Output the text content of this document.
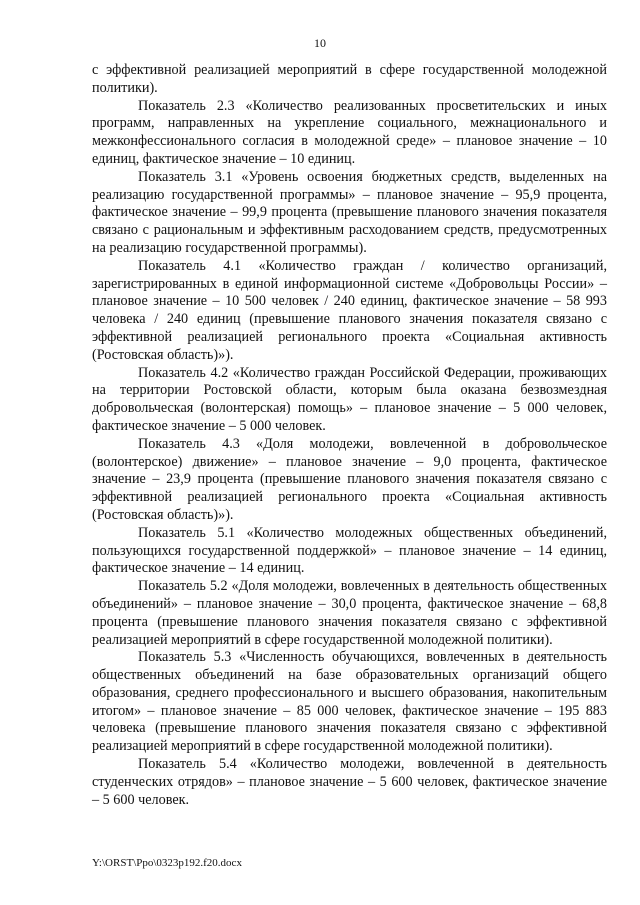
10

с эффективной реализацией мероприятий в сфере государственной молодежной политики).

Показатель 2.3 «Количество реализованных просветительских и иных программ, направленных на укрепление социального, межнационального и межконфессионального согласия в молодежной среде» – плановое значение – 10 единиц, фактическое значение – 10 единиц.

Показатель 3.1 «Уровень освоения бюджетных средств, выделенных на реализацию государственной программы» – плановое значение – 95,9 процента, фактическое значение – 99,9 процента (превышение планового значения показателя связано с рациональным и эффективным расходованием средств, предусмотренных на реализацию государственной программы).

Показатель 4.1 «Количество граждан / количество организаций, зарегистрированных в единой информационной системе «Добровольцы России» – плановое значение – 10 500 человек / 240 единиц, фактическое значение – 58 993 человека / 240 единиц (превышение планового значения показателя связано с эффективной реализацией регионального проекта «Социальная активность (Ростовская область)»).

Показатель 4.2 «Количество граждан Российской Федерации, проживающих на территории Ростовской области, которым была оказана безвозмездная добровольческая (волонтерская) помощь» – плановое значение – 5 000 человек, фактическое значение – 5 000 человек.

Показатель 4.3 «Доля молодежи, вовлеченной в добровольческое (волонтерское) движение» – плановое значение – 9,0 процента, фактическое значение – 23,9 процента (превышение планового значения показателя связано с эффективной реализацией регионального проекта «Социальная активность (Ростовская область)»).

Показатель 5.1 «Количество молодежных общественных объединений, пользующихся государственной поддержкой» – плановое значение – 14 единиц, фактическое значение – 14 единиц.

Показатель 5.2 «Доля молодежи, вовлеченных в деятельность общественных объединений» – плановое значение – 30,0 процента, фактическое значение – 68,8 процента (превышение планового значения показателя связано с эффективной реализацией мероприятий в сфере государственной молодежной политики).

Показатель 5.3 «Численность обучающихся, вовлеченных в деятельность общественных объединений на базе образовательных организаций общего образования, среднего профессионального и высшего образования, накопительным итогом» – плановое значение – 85 000 человек, фактическое значение – 195 883 человека (превышение планового значения показателя связано с эффективной реализацией мероприятий в сфере государственной молодежной политики).

Показатель 5.4 «Количество молодежи, вовлеченной в деятельность студенческих отрядов» – плановое значение – 5 600 человек, фактическое значение – 5 600 человек.

Y:\ORST\Ppo\0323p192.f20.docx
